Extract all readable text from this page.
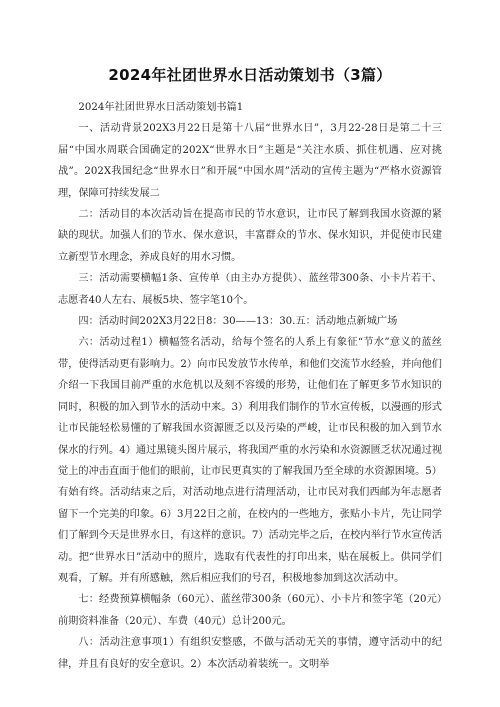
2024年社团世界水日活动策划书（3篇）

2024年社团世界水日活动策划书篇1

一、活动背景202X3月22日是第十八届“世界水日”，3月22-28日是第二十三届“中国水周联合国确定的202X“世界水日”主题是“关注水质、抓住机遇、应对挑战”。202X我国纪念“世界水日”和开展“中国水周”活动的宣传主题为“严格水资源管理，保障可持续发展二

二：活动目的本次活动旨在提高市民的节水意识，让市民了解到我国水资源的紧缺的现状。加强人们的节水、保水意识，丰富群众的节水、保水知识，并促使市民建立新型节水理念，养成良好的用水习惯。

三：活动需要横幅1条、宣传单（由主办方提供）、蓝丝带300条、小卡片若干、志愿者40人左右、展板5块、签字笔10个。

四：活动时间202X3月22日8：30——13：30.五：活动地点新城广场

六：活动过程1）横幅签名活动，给每个签名的人系上有象征“节水”意义的蓝丝带，使得活动更有影响力。2）向市民发放节水传单，和他们交流节水经验，并向他们介绍一下我国目前严重的水危机以及刻不容缓的形势，让他们在了解更多节水知识的同时，积极的加入到节水的活动中来。3）利用我们制作的节水宣传板，以漫画的形式让市民能轻松易懂的了解我国水资源匮乏以及污染的严峻，让市民积极的加入到节水保水的行列。4）通过黑镜头图片展示，将我国严重的水污染和水资源匮乏状况通过视觉上的冲击直面于他们的眼前，让市民更真实的了解我国乃至全球的水资源困境。5）有始有终。活动结束之后，对活动地点进行清理活动，让市民对我们西邮为年志愿者留下一个完美的印象。6）3月22日之前，在校内的一些地方，张贴小卡片，先让同学们了解到今天是世界水日，有这样的意识。7）活动完毕之后，在校内举行节水宣传活动。把“世界水日”活动中的照片，选取有代表性的打印出来，贴在展板上。供同学们观看，了解。并有所感触，然后相应我们的号召，积极地参加到这次活动中。

七：经费预算横幅条（60元）、蓝丝带300条（60元）、小卡片和签字笔（20元）前期资料准备（20元）、车费（40元）总计200元。

八：活动注意事项1）有组织安整感，不做与活动无关的事情，遵守活动中的纪律，并且有良好的安全意识。2）本次活动着装统一。文明举
